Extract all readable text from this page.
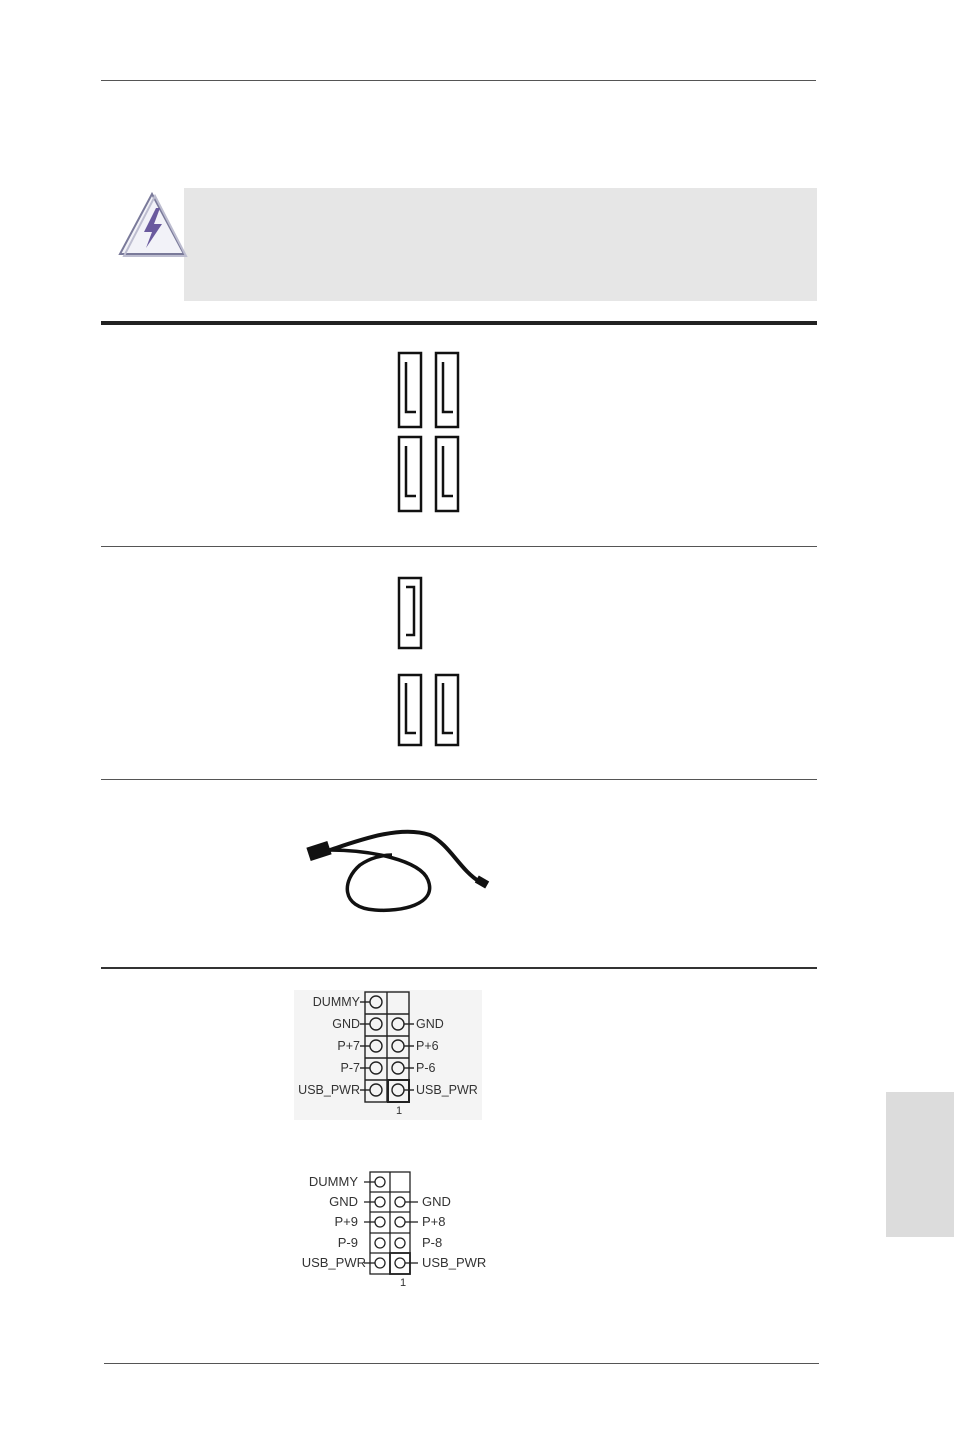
DUMMY
GND
P+7
P-7
USB_PWR
GND
P+6
P-6
USB_PWR
1
DUMMY
GND
P+9
P-9
USB_PWR
GND
P+8
P-8
USB_PWR
1
